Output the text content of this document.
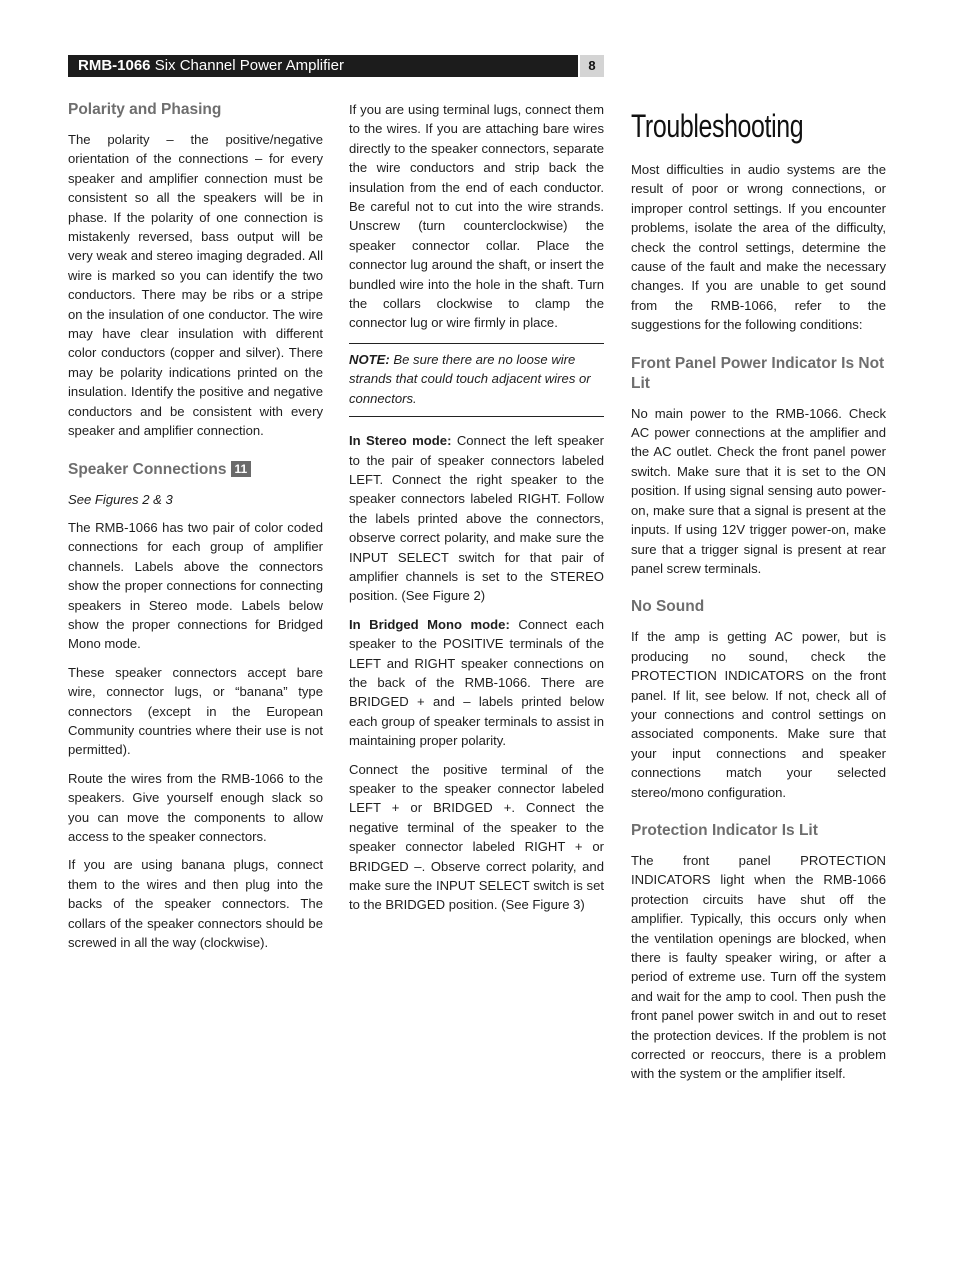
RMB-1066 Six Channel Power Amplifier	8
Polarity and Phasing

The polarity – the positive/negative orientation of the connections – for every speaker and amplifier connection must be consistent so all the speakers will be in phase. If the polarity of one connection is mistakenly reversed, bass output will be very weak and stereo imaging degraded. All wire is marked so you can identify the two conductors. There may be ribs or a stripe on the insulation of one conductor. The wire may have clear insulation with different color conductors (copper and silver). There may be polarity indications printed on the insulation. Identify the positive and negative conductors and be consistent with every speaker and amplifier connection.

Speaker Connections 11

See Figures 2 & 3

The RMB-1066 has two pair of color coded connections for each group of amplifier channels. Labels above the connectors show the proper connections for connecting speakers in Stereo mode. Labels below show the proper connections for Bridged Mono mode.

These speaker connectors accept bare wire, connector lugs, or “banana” type connectors (except in the European Community countries where their use is not permitted).

Route the wires from the RMB-1066 to the speakers. Give yourself enough slack so you can move the components to allow access to the speaker connectors.

If you are using banana plugs, connect them to the wires and then plug into the backs of the speaker connectors. The collars of the speaker connectors should be screwed in all the way (clockwise).

If you are using terminal lugs, connect them to the wires. If you are attaching bare wires directly to the speaker connectors, separate the wire conductors and strip back the insulation from the end of each conductor. Be careful not to cut into the wire strands. Unscrew (turn counterclockwise) the speaker connector collar. Place the connector lug around the shaft, or insert the bundled wire into the hole in the shaft. Turn the collars clockwise to clamp the connector lug or wire firmly in place.

NOTE: Be sure there are no loose wire strands that could touch adjacent wires or connectors.

In Stereo mode: Connect the left speaker to the pair of speaker connectors labeled LEFT. Connect the right speaker to the speaker connectors labeled RIGHT. Follow the labels printed above the connectors, observe correct polarity, and make sure the INPUT SELECT switch for that pair of amplifier channels is set to the STEREO position. (See Figure 2)

In Bridged Mono mode: Connect each speaker to the POSITIVE terminals of the LEFT and RIGHT speaker connections on the back of the RMB-1066. There are BRIDGED + and – labels printed below each group of speaker terminals to assist in maintaining proper polarity.

Connect the positive terminal of the speaker to the speaker connector labeled LEFT + or BRIDGED +. Connect the negative terminal of the speaker to the speaker connector labeled RIGHT + or BRIDGED –. Observe correct polarity, and make sure the INPUT SELECT switch is set to the BRIDGED position. (See Figure 3)

Troubleshooting

Most difficulties in audio systems are the result of poor or wrong connections, or improper control settings. If you encounter problems, isolate the area of the difficulty, check the control settings, determine the cause of the fault and make the necessary changes. If you are unable to get sound from the RMB-1066, refer to the suggestions for the following conditions:

Front Panel Power Indicator Is Not Lit

No main power to the RMB-1066. Check AC power connections at the amplifier and the AC outlet. Check the front panel power switch. Make sure that it is set to the ON position. If using signal sensing auto power-on, make sure that a signal is present at the inputs. If using 12V trigger power-on, make sure that a trigger signal is present at rear panel screw terminals.

No Sound

If the amp is getting AC power, but is producing no sound, check the PROTECTION INDICATORS on the front panel. If lit, see below. If not, check all of your connections and control settings on associated components. Make sure that your input connections and speaker connections match your selected stereo/mono configuration.

Protection Indicator Is Lit

The front panel PROTECTION INDICATORS light when the RMB-1066 protection circuits have shut off the amplifier. Typically, this occurs only when the ventilation openings are blocked, when there is faulty speaker wiring, or after a period of extreme use. Turn off the system and wait for the amp to cool. Then push the front panel power switch in and out to reset the protection devices. If the problem is not corrected or reoccurs, there is a problem with the system or the amplifier itself.
